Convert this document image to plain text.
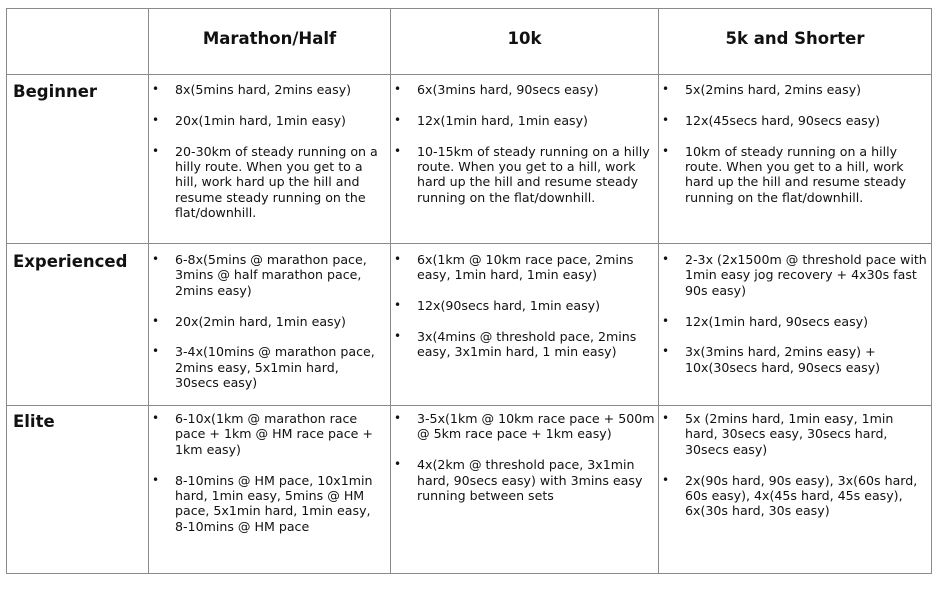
Marathon/Half	10k	5k and Shorter
Beginner
Experienced
Elite
• 8x(5mins hard, 2mins easy)
• 20x(1min hard, 1min easy)
• 20-30km of steady running on a hilly route. When you get to a hill, work hard up the hill and resume steady running on the flat/downhill.
• 6x(3mins hard, 90secs easy)
• 12x(1min hard, 1min easy)
• 10-15km of steady running on a hilly route. When you get to a hill, work hard up the hill and resume steady running on the flat/downhill.
• 5x(2mins hard, 2mins easy)
• 12x(45secs hard, 90secs easy)
• 10km of steady running on a hilly route. When you get to a hill, work hard up the hill and resume steady running on the flat/downhill.
• 6-8x(5mins @ marathon pace, 3mins @ half marathon pace, 2mins easy)
• 20x(2min hard, 1min easy)
• 3-4x(10mins @ marathon pace, 2mins easy, 5x1min hard, 30secs easy)
• 6x(1km @ 10km race pace, 2mins easy, 1min hard, 1min easy)
• 12x(90secs hard, 1min easy)
• 3x(4mins @ threshold pace, 2mins easy, 3x1min hard, 1 min easy)
• 2-3x (2x1500m @ threshold pace with 1min easy jog recovery + 4x30s fast 90s easy)
• 12x(1min hard, 90secs easy)
• 3x(3mins hard, 2mins easy) + 10x(30secs hard, 90secs easy)
• 6-10x(1km @ marathon race pace + 1km @ HM race pace + 1km easy)
• 8-10mins @ HM pace, 10x1min hard, 1min easy, 5mins @ HM pace, 5x1min hard, 1min easy, 8-10mins @ HM pace
• 3-5x(1km @ 10km race pace + 500m @ 5km race pace + 1km easy)
• 4x(2km @ threshold pace, 3x1min hard, 90secs easy) with 3mins easy running between sets
• 5x (2mins hard, 1min easy, 1min hard, 30secs easy, 30secs hard, 30secs easy)
• 2x(90s hard, 90s easy), 3x(60s hard, 60s easy), 4x(45s hard, 45s easy), 6x(30s hard, 30s easy)
